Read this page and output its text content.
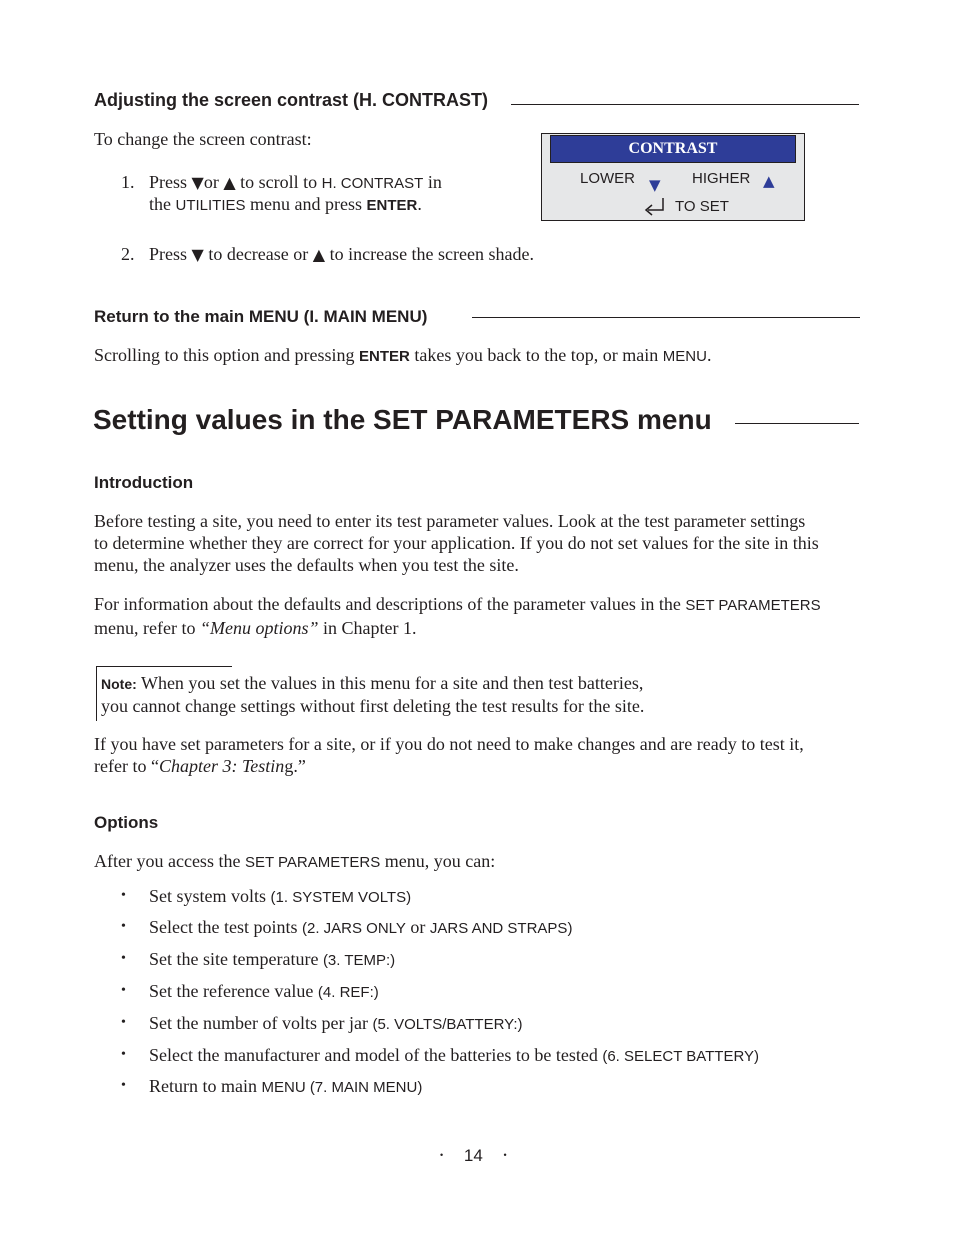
Adjusting the screen contrast (H. CONTRAST)
To change the screen contrast:
1. Press ▼or ▲ to scroll to H. CONTRAST in
the UTILITIES menu and press ENTER.
CONTRAST
LOWER ▼ HIGHER ▲
TO SET
2. Press ▼ to decrease or ▲ to increase the screen shade.
Return to the main MENU (I. MAIN MENU)
Scrolling to this option and pressing ENTER takes you back to the top, or main MENU.
Setting values in the SET PARAMETERS menu
Introduction
Before testing a site, you need to enter its test parameter values. Look at the test parameter settings
to determine whether they are correct for your application. If you do not set values for the site in this
menu, the analyzer uses the defaults when you test the site.
For information about the defaults and descriptions of the parameter values in the SET PARAMETERS
menu, refer to “Menu options” in Chapter 1.
Note: When you set the values in this menu for a site and then test batteries,
you cannot change settings without first deleting the test results for the site.
If you have set parameters for a site, or if you do not need to make changes and are ready to test it,
refer to “Chapter 3: Testing.”
Options
After you access the SET PARAMETERS menu, you can:
• Set system volts (1. SYSTEM VOLTS)
• Select the test points (2. JARS ONLY or JARS AND STRAPS)
• Set the site temperature (3. TEMP:)
• Set the reference value (4. REF:)
• Set the number of volts per jar (5. VOLTS/BATTERY:)
• Select the manufacturer and model of the batteries to be tested (6. SELECT BATTERY)
• Return to main MENU (7. MAIN MENU)
• 14 •
